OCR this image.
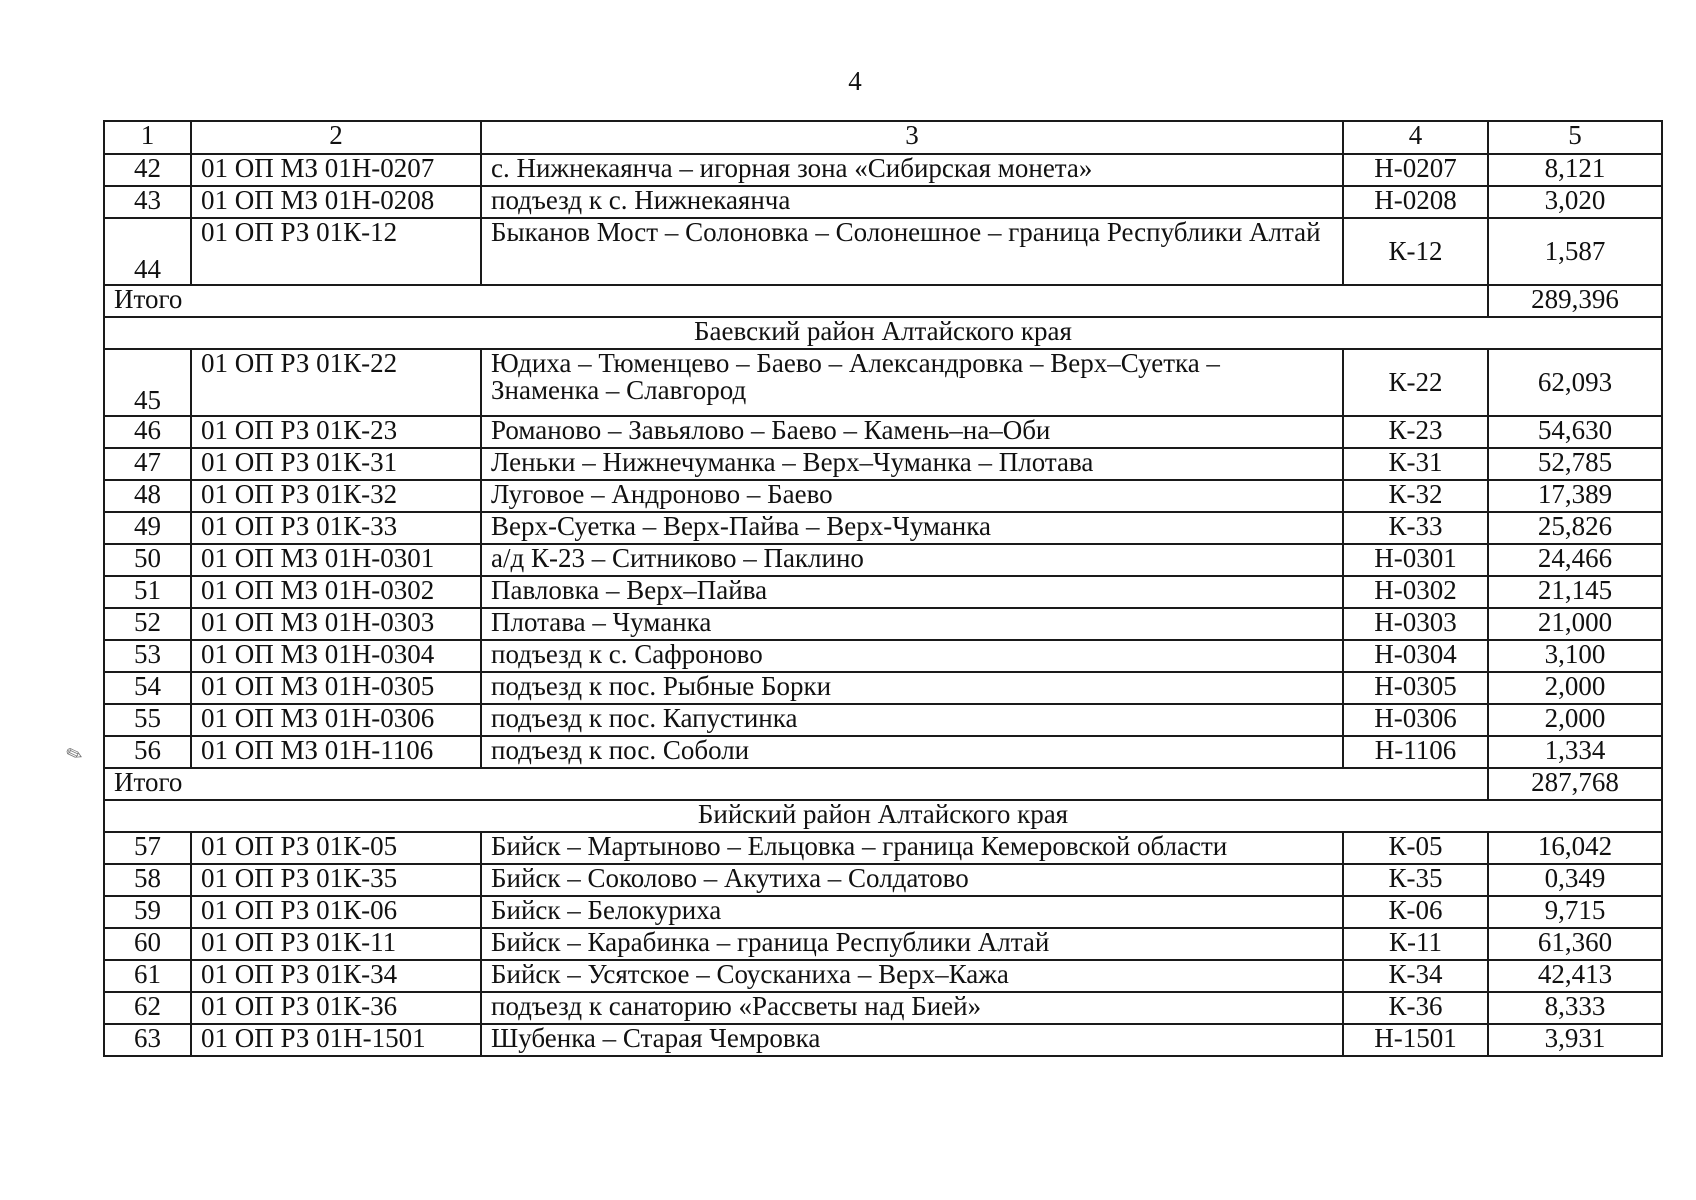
4
✎
1	2	3	4	5
42	01 ОП МЗ 01Н-0207	с. Нижнекаянча – игорная зона «Сибирская монета»	Н-0207	8,121
43	01 ОП МЗ 01Н-0208	подъезд к с. Нижнекаянча	Н-0208	3,020
44	01 ОП РЗ 01К-12	Быканов Мост – Солоновка – Солонешное – граница Республики Алтай	К-12	1,587
Итого				289,396
Баевский район Алтайского края				
45	01 ОП РЗ 01К-22	Юдиха – Тюменцево – Баево – Александровка – Верх–Суетка – Знаменка – Славгород	К-22	62,093
46	01 ОП РЗ 01К-23	Романово – Завьялово – Баево – Камень–на–Оби	К-23	54,630
47	01 ОП РЗ 01К-31	Леньки – Нижнечуманка – Верх–Чуманка – Плотава	К-31	52,785
48	01 ОП РЗ 01К-32	Луговое – Андроново – Баево	К-32	17,389
49	01 ОП РЗ 01К-33	Верх-Суетка – Верх-Пайва – Верх-Чуманка	К-33	25,826
50	01 ОП МЗ 01Н-0301	а/д К-23 – Ситниково – Паклино	Н-0301	24,466
51	01 ОП МЗ 01Н-0302	Павловка – Верх–Пайва	Н-0302	21,145
52	01 ОП МЗ 01Н-0303	Плотава – Чуманка	Н-0303	21,000
53	01 ОП МЗ 01Н-0304	подъезд к с. Сафроново	Н-0304	3,100
54	01 ОП МЗ 01Н-0305	подъезд к пос. Рыбные Борки	Н-0305	2,000
55	01 ОП МЗ 01Н-0306	подъезд к пос. Капустинка	Н-0306	2,000
56	01 ОП МЗ 01Н-1106	подъезд к пос. Соболи	Н-1106	1,334
Итого				287,768
Бийский район Алтайского края				
57	01 ОП РЗ 01К-05	Бийск – Мартыново – Ельцовка – граница Кемеровской области	К-05	16,042
58	01 ОП РЗ 01К-35	Бийск – Соколово – Акутиха – Солдатово	К-35	0,349
59	01 ОП РЗ 01К-06	Бийск – Белокуриха	К-06	9,715
60	01 ОП РЗ 01К-11	Бийск – Карабинка – граница Республики Алтай	К-11	61,360
61	01 ОП РЗ 01К-34	Бийск – Усятское – Соусканиха – Верх–Кажа	К-34	42,413
62	01 ОП РЗ 01К-36	подъезд к санаторию «Рассветы над Бией»	К-36	8,333
63	01 ОП РЗ 01Н-1501	Шубенка – Старая Чемровка	Н-1501	3,931
